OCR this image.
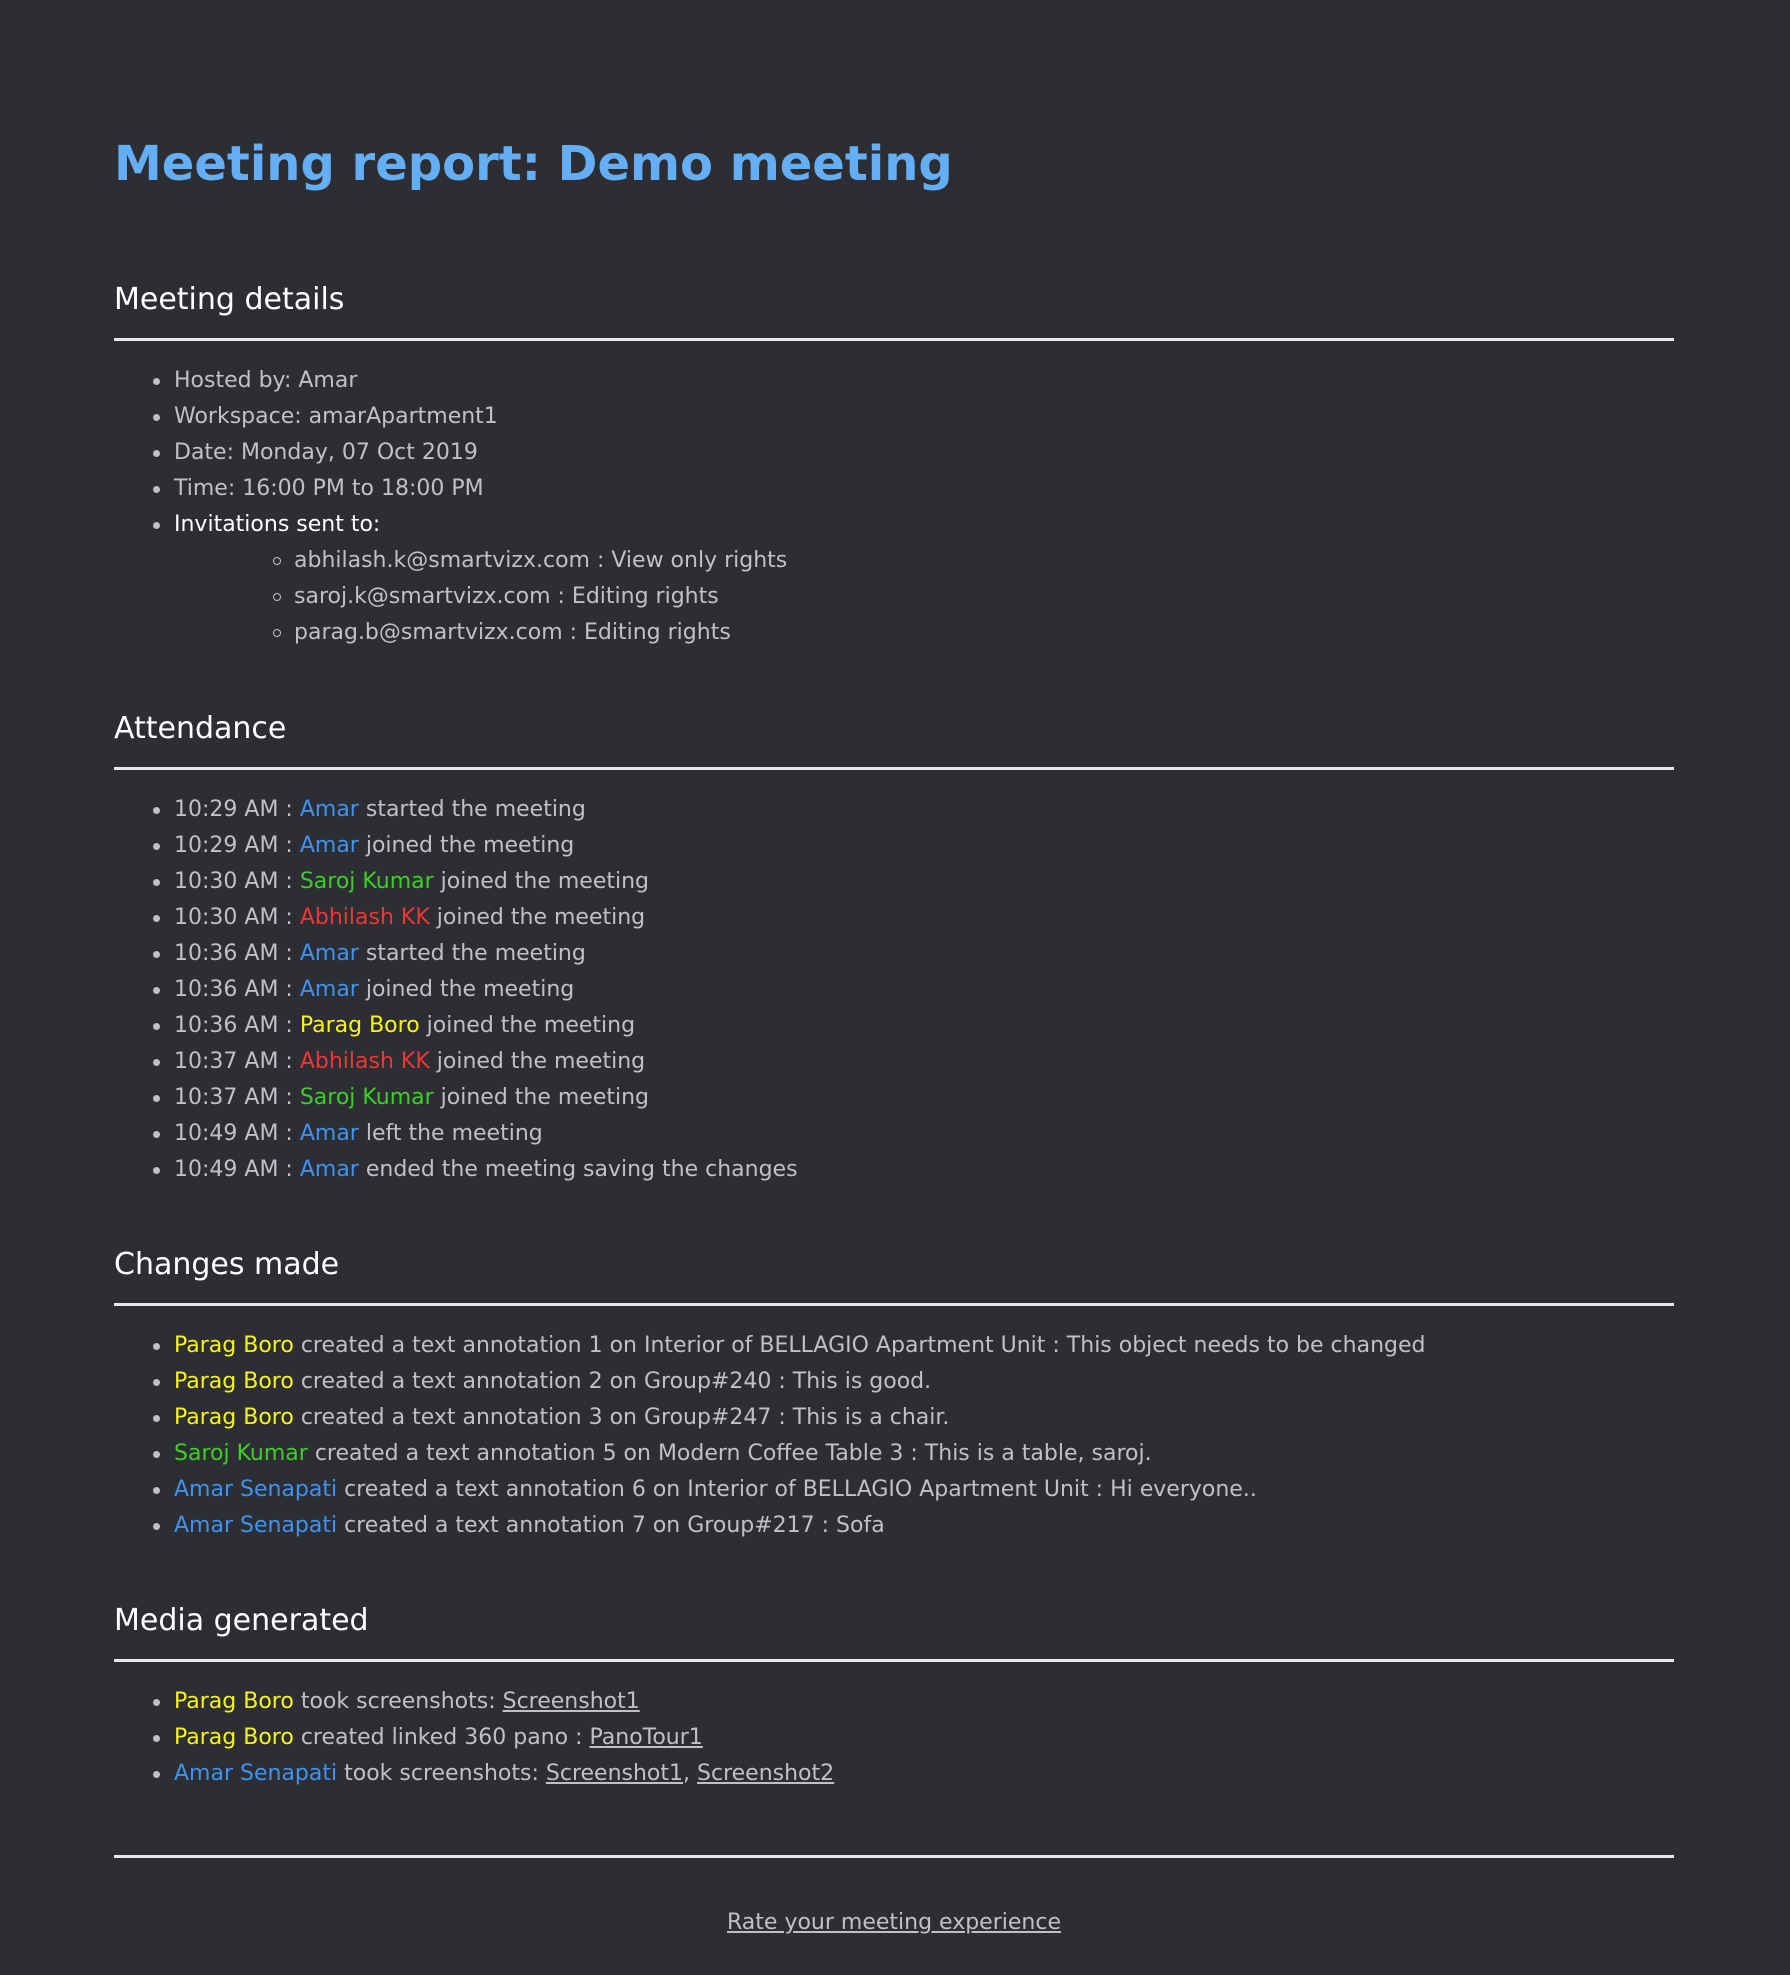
Meeting report: Demo meeting
Meeting details
Hosted by: Amar
Workspace: amarApartment1
Date: Monday, 07 Oct 2019
Time: 16:00 PM to 18:00 PM
Invitations sent to:
abhilash.k@smartvizx.com : View only rights
saroj.k@smartvizx.com : Editing rights
parag.b@smartvizx.com : Editing rights
Attendance
10:29 AM : Amar started the meeting
10:29 AM : Amar joined the meeting
10:30 AM : Saroj Kumar joined the meeting
10:30 AM : Abhilash KK joined the meeting
10:36 AM : Amar started the meeting
10:36 AM : Amar joined the meeting
10:36 AM : Parag Boro joined the meeting
10:37 AM : Abhilash KK joined the meeting
10:37 AM : Saroj Kumar joined the meeting
10:49 AM : Amar left the meeting
10:49 AM : Amar ended the meeting saving the changes
Changes made
Parag Boro created a text annotation 1 on Interior of BELLAGIO Apartment Unit : This object needs to be changed
Parag Boro created a text annotation 2 on Group#240 : This is good.
Parag Boro created a text annotation 3 on Group#247 : This is a chair.
Saroj Kumar created a text annotation 5 on Modern Coffee Table 3 : This is a table, saroj.
Amar Senapati created a text annotation 6 on Interior of BELLAGIO Apartment Unit : Hi everyone..
Amar Senapati created a text annotation 7 on Group#217 : Sofa
Media generated
Parag Boro took screenshots: Screenshot1
Parag Boro created linked 360 pano : PanoTour1
Amar Senapati took screenshots: Screenshot1, Screenshot2
Rate your meeting experience
